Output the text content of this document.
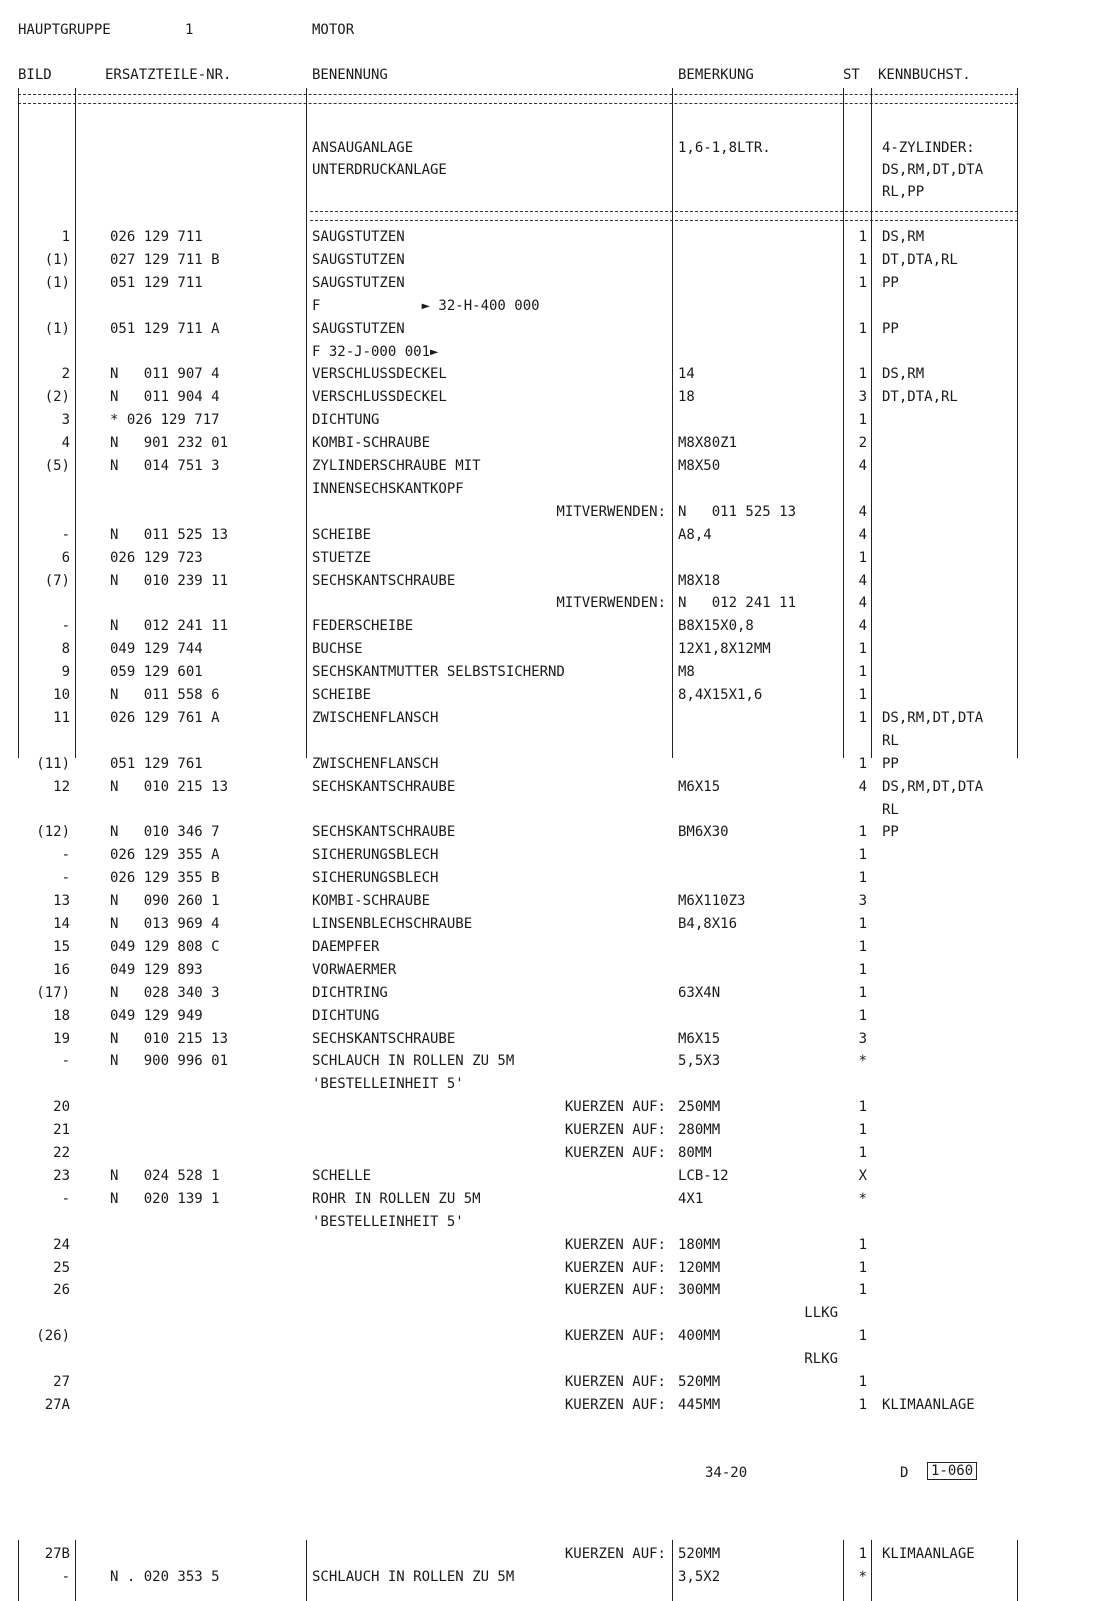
HAUPTGRUPPE	1	MOTOR
BILD	ERSATZTEILE-NR.	BENENNUNG	BEMERKUNG	ST KENNBUCHST.
ANSAUGANLAGE
UNTERDRUCKANLAGE
1,6-1,8LTR.	4-ZYLINDER:
DS,RM,DT,DTA
RL,PP
1	026 129 711	SAUGSTUTZEN	1 DS,RM
(1)	027 129 711 B	SAUGSTUTZEN	1 DT,DTA,RL
(1)	051 129 711	SAUGSTUTZEN	1 PP
F            ► 32-H-400 000
(1)	051 129 711 A	SAUGSTUTZEN	1 PP
F 32-J-000 001►
2	N   011 907 4	VERSCHLUSSDECKEL	14	1 DS,RM
(2)	N   011 904 4	VERSCHLUSSDECKEL	18	3 DT,DTA,RL
3	* 026 129 717	DICHTUNG	1
4	N   901 232 01	KOMBI-SCHRAUBE	M8X80Z1	2
(5)	N   014 751 3	ZYLINDERSCHRAUBE MIT	M8X50	4
INNENSECHSKANTKOPF
MITVERWENDEN: N   011 525 13	4
-	N   011 525 13	SCHEIBE	A8,4	4
6	026 129 723	STUETZE	1
(7)	N   010 239 11	SECHSKANTSCHRAUBE	M8X18	4
MITVERWENDEN: N   012 241 11	4
-	N   012 241 11	FEDERSCHEIBE	B8X15X0,8	4
8	049 129 744	BUCHSE	12X1,8X12MM	1
9	059 129 601	SECHSKANTMUTTER SELBSTSICHERND	M8	1
10	N   011 558 6	SCHEIBE	8,4X15X1,6	1
11	026 129 761 A	ZWISCHENFLANSCH	1 DS,RM,DT,DTA
RL
(11)	051 129 761	ZWISCHENFLANSCH	1 PP
12	N   010 215 13	SECHSKANTSCHRAUBE	M6X15	4 DS,RM,DT,DTA
RL
(12)	N   010 346 7	SECHSKANTSCHRAUBE	BM6X30	1 PP
-	026 129 355 A	SICHERUNGSBLECH	1
-	026 129 355 B	SICHERUNGSBLECH	1
13	N   090 260 1	KOMBI-SCHRAUBE	M6X110Z3	3
14	N   013 969 4	LINSENBLECHSCHRAUBE	B4,8X16	1
15	049 129 808 C	DAEMPFER	1
16	049 129 893	VORWAERMER	1
(17)	N   028 340 3	DICHTRING	63X4N	1
18	049 129 949	DICHTUNG	1
19	N   010 215 13	SECHSKANTSCHRAUBE	M6X15	3
-	N   900 996 01	SCHLAUCH IN ROLLEN ZU 5M	5,5X3	*
'BESTELLEINHEIT 5'
20	KUERZEN AUF: 250MM	1
21	KUERZEN AUF: 280MM	1
22	KUERZEN AUF: 80MM	1
23	N   024 528 1	SCHELLE	LCB-12	X
-	N   020 139 1	ROHR IN ROLLEN ZU 5M	4X1	*
'BESTELLEINHEIT 5'
24	KUERZEN AUF: 180MM	1
25	KUERZEN AUF: 120MM	1
26	KUERZEN AUF: 300MM	1
LLKG
(26)	KUERZEN AUF: 400MM	1
RLKG
27	KUERZEN AUF: 520MM	1
27A	KUERZEN AUF: 445MM	1 KLIMAANLAGE
34-20	D 1-060
27B	KUERZEN AUF: 520MM	1 KLIMAANLAGE
-	N . 020 353 5	SCHLAUCH IN ROLLEN ZU 5M	3,5X2	*
